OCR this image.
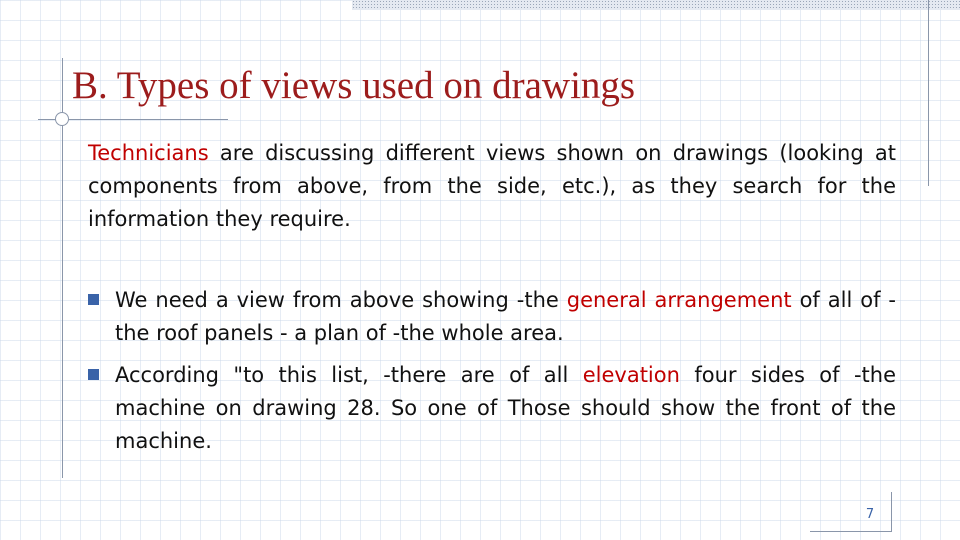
B. Types of views used on drawings

Technicians are discussing different views shown on drawings (looking at components from above, from the side, etc.), as they search for the information they require.

We need a view from above showing -the general arrangement of all of -the roof panels - a plan of -the whole area.
According "to this list, -there are of all elevation four sides of -the machine on drawing 28. So one of Those should show the front of the machine.

7
